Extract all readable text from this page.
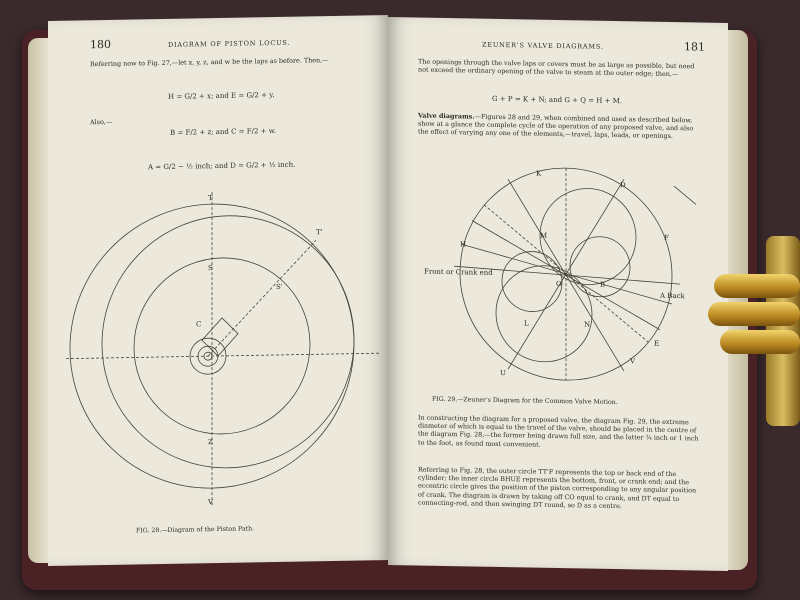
180	DIAGRAM OF PISTON LOCUS.
Referring now to Fig. 27,—let x, y, z, and w be the laps as before. Then,—
H = G/2 + x; and E = G/2 + y.
Also,—
B = F/2 + z; and C = F/2 + w.
A = G/2 − ½ inch; and D = G/2 + ½ inch.
T
T'
S
S'
C
Z
V
FIG. 28.—Diagram of the Piston Path.
ZEUNER'S VALVE DIAGRAMS.	181
The openings through the valve laps or covers must be as large as possible, but need not exceed the ordinary opening of the valve to steam at the outer edge; then,—
G + P = K + N; and G + Q = H + M.
Valve diagrams.—Figures 28 and 29, when combined and used as described below, show at a glance the complete cycle of the operation of any proposed valve, and also the effect of varying any one of the elements,—travel, laps, leads, or openings.
Front or Crank end
A Back
K
D
M
O	B
L	N
H
U
F
V
E
FIG. 29.—Zeuner's Diagram for the Common Valve Motion.
In constructing the diagram for a proposed valve, the diagram Fig. 29, the extreme diameter of which is equal to the travel of the valve, should be placed in the centre of the diagram Fig. 28,—the former being drawn full size, and the latter ¾ inch or 1 inch to the foot, as found most convenient.
Referring to Fig. 28, the outer circle TT'F represents the top or back end of the cylinder; the inner circle BHUE represents the bottom, front, or crank end; and the eccentric circle gives the position of the piston corresponding to any angular position of crank. The diagram is drawn by taking off CO equal to crank, and DT equal to connecting-rod, and then swinging DT round, so D as a centre.
